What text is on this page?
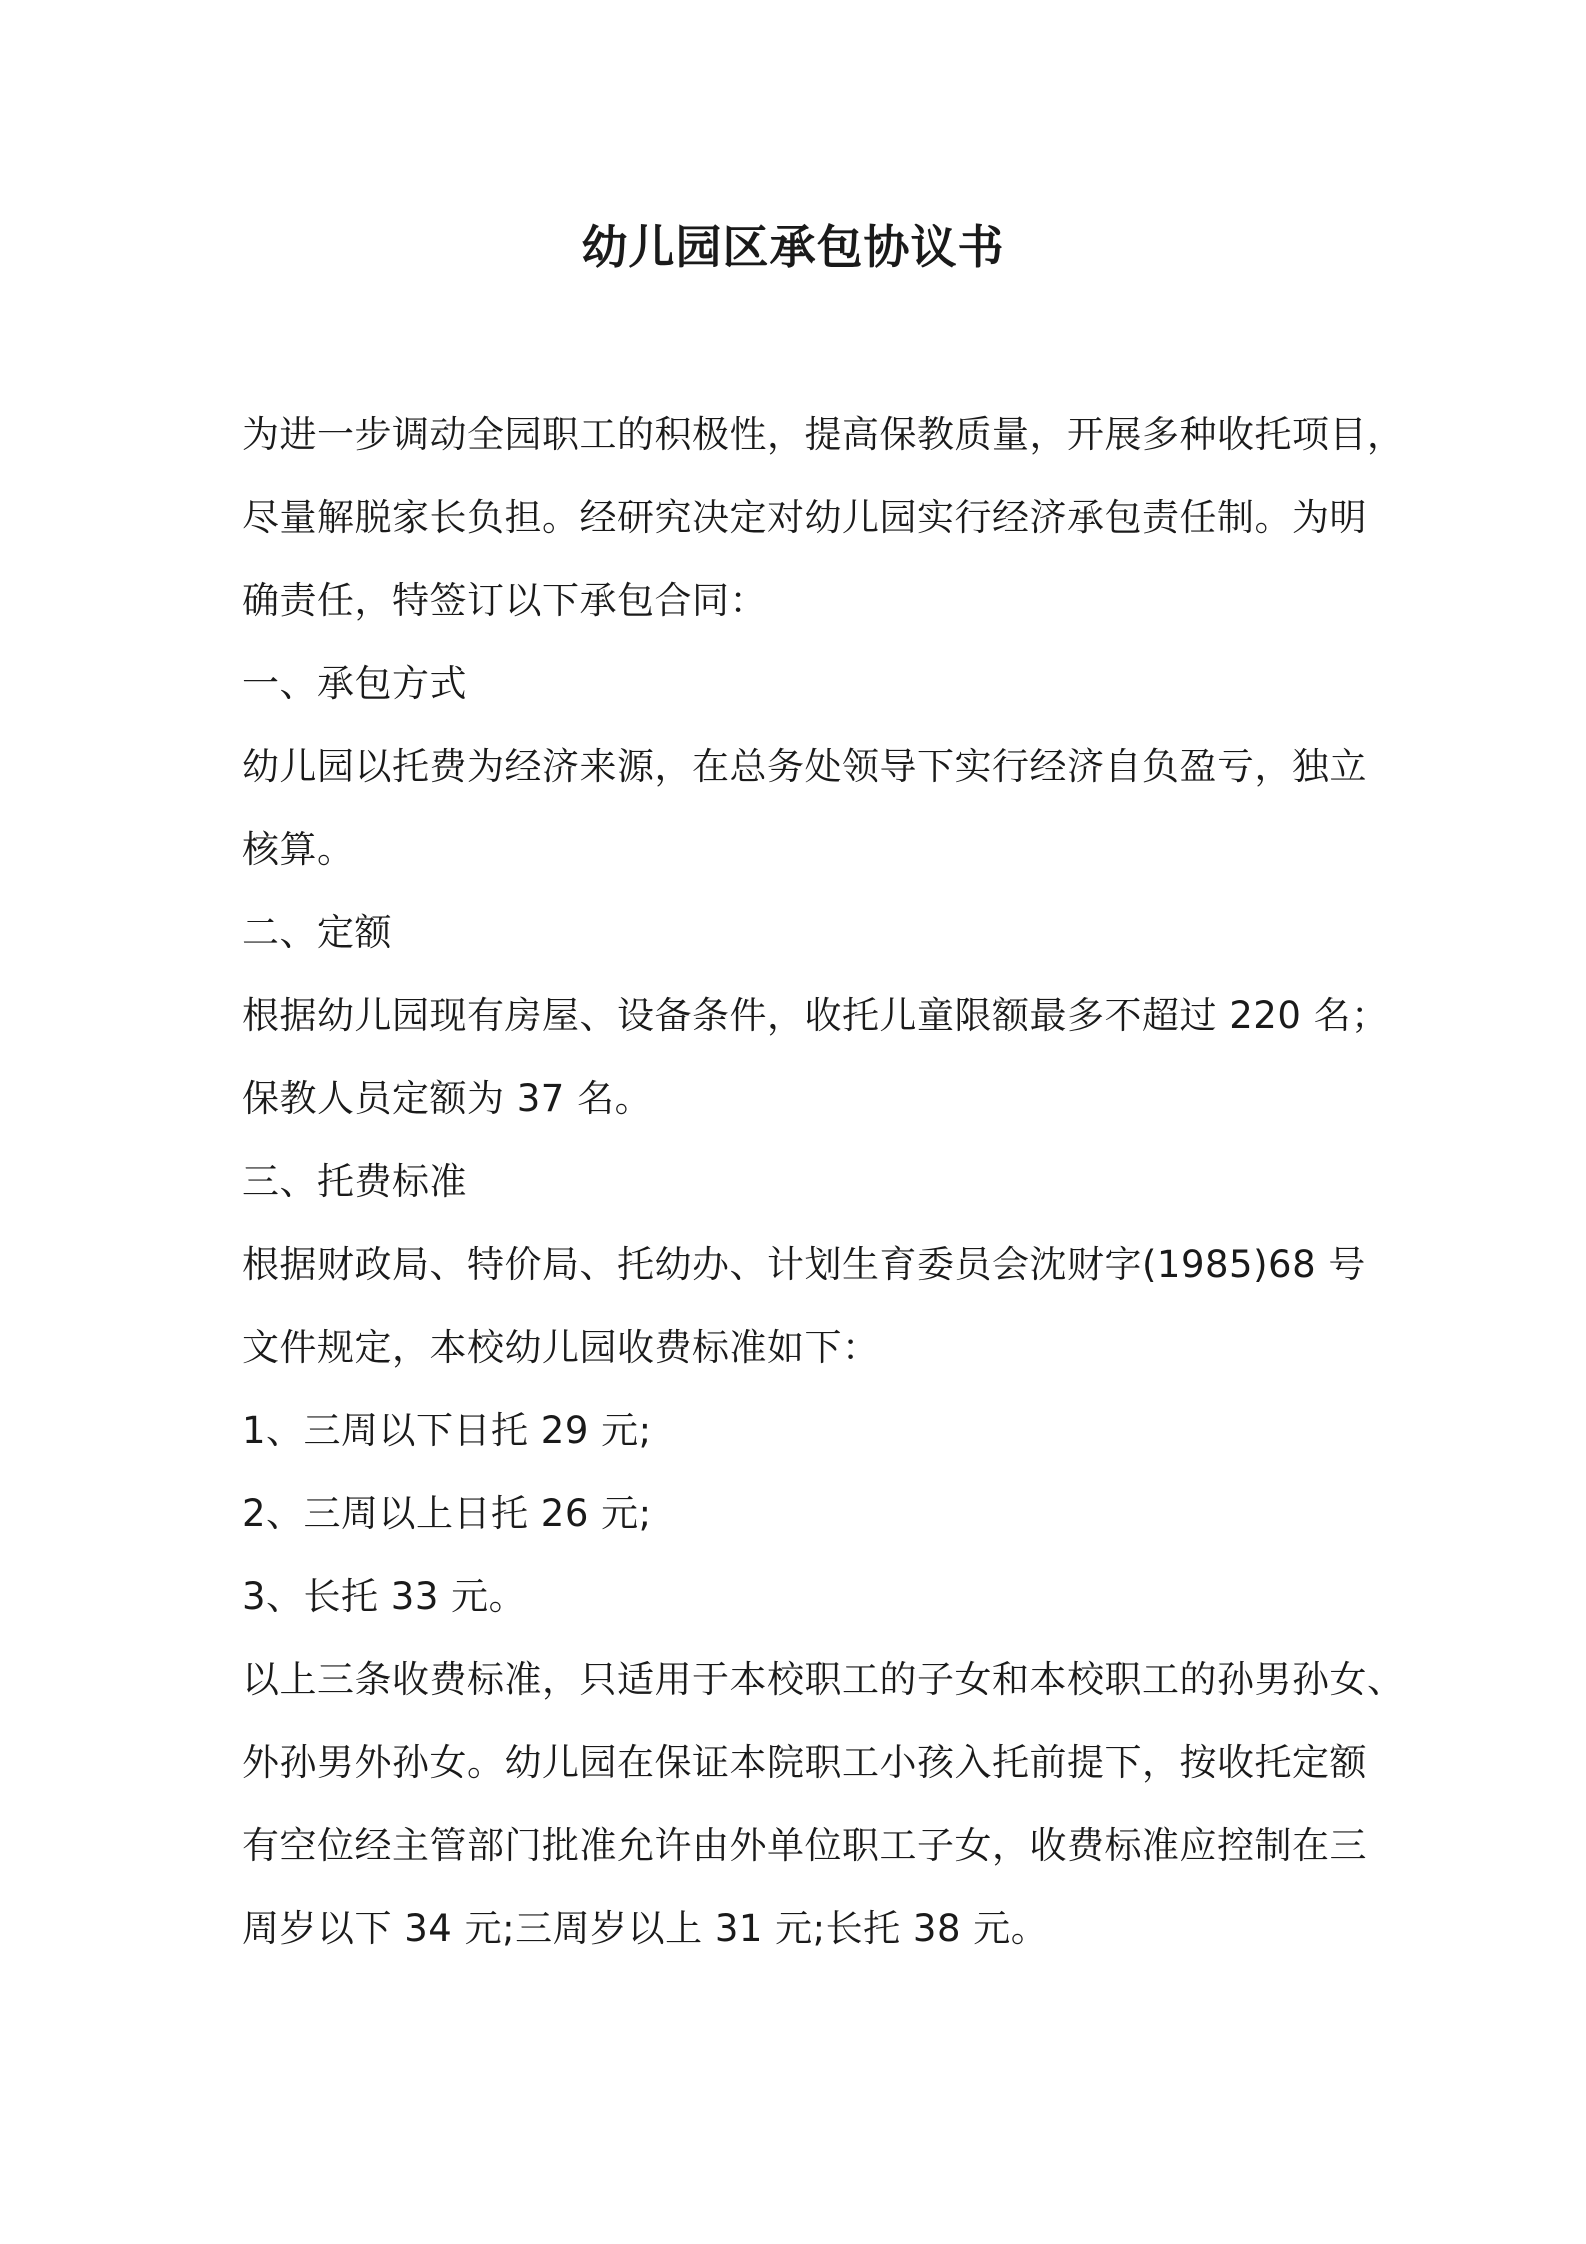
幼儿园区承包协议书
为进一步调动全园职工的积极性，提高保教质量，开展多种收托项目，
尽量解脱家长负担。经研究决定对幼儿园实行经济承包责任制。为明
确责任，特签订以下承包合同：
一、承包方式
幼儿园以托费为经济来源，在总务处领导下实行经济自负盈亏，独立
核算。
二、定额
根据幼儿园现有房屋、设备条件，收托儿童限额最多不超过 220 名；
保教人员定额为 37 名。
三、托费标准
根据财政局、特价局、托幼办、计划生育委员会沈财字(1985)68 号
文件规定，本校幼儿园收费标准如下：
1、三周以下日托 29 元;
2、三周以上日托 26 元;
3、长托 33 元。
以上三条收费标准，只适用于本校职工的子女和本校职工的孙男孙女、
外孙男外孙女。幼儿园在保证本院职工小孩入托前提下，按收托定额
有空位经主管部门批准允许由外单位职工子女，收费标准应控制在三
周岁以下 34 元;三周岁以上 31 元;长托 38 元。
